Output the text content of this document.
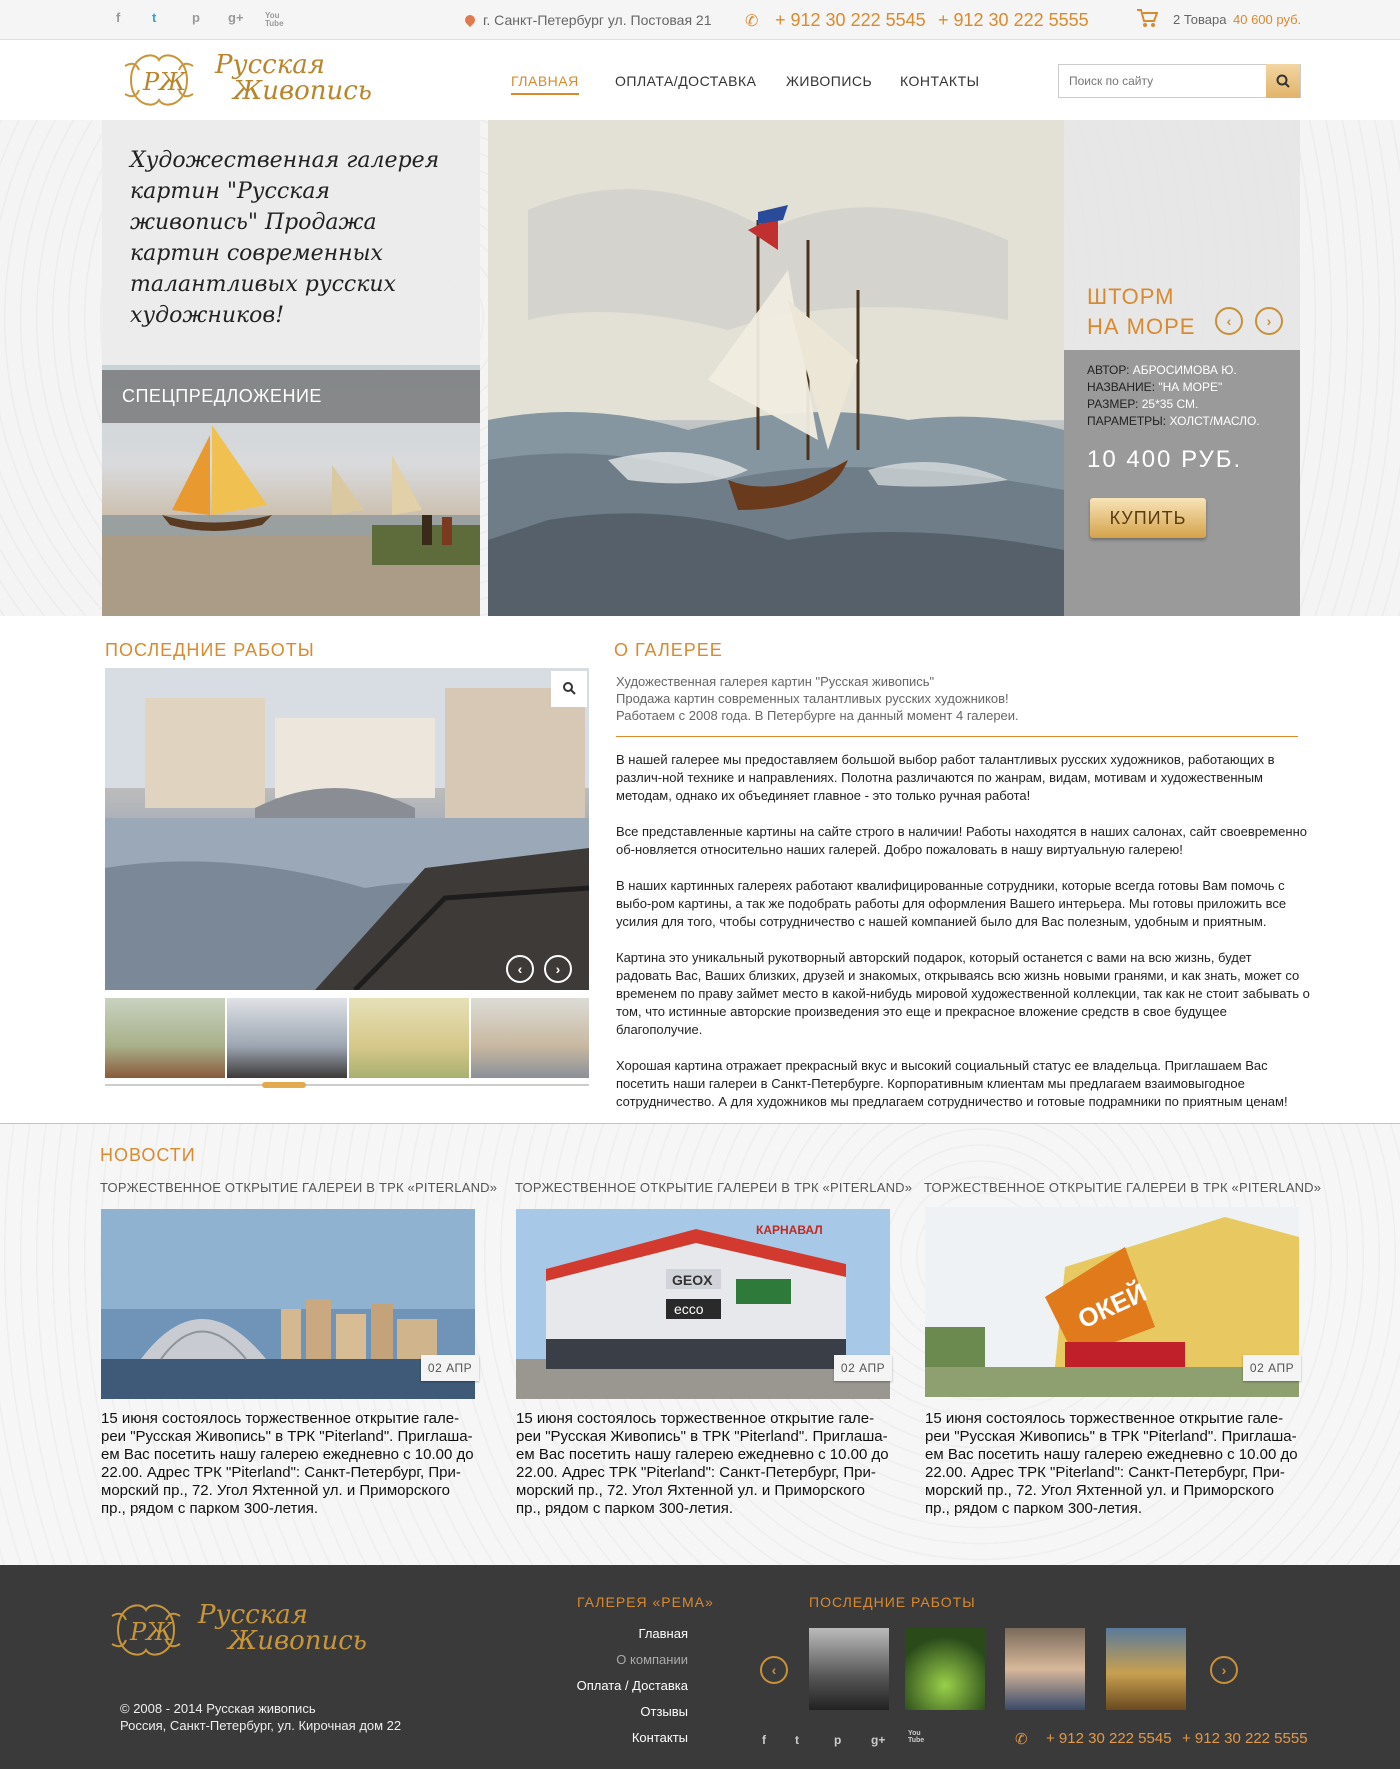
f t	p g+	You Tube	г. Санкт-Петербург ул. Постовая 21 ✆ + 912 30 222 5545 + 912 30 222 5555	2 Товара 40 600 руб.
PЖ
Русская
Живопись	ГЛАВНАЯ	ОПЛАТА/ДОСТАВКА ЖИВОПИСЬ КОНТАКТЫ
Поиск по сайту
Художественная галерея картин "Русская живопись" Продажа картин современных талантливых русских художников!
СПЕЦПРЕДЛОЖЕНИЕ
ШТОРМ
НА МОРЕ ‹	›
АВТОР: АБРОСИМОВА Ю.
НАЗВАНИЕ: "НА МОРЕ"
РАЗМЕР: 25*35 СМ.
ПАРАМЕТРЫ: ХОЛСТ/МАСЛО.
10 400 РУБ.
КУПИТЬ
ПОСЛЕДНИЕ РАБОТЫ
‹ ›
О ГАЛЕРЕЕ
Художественная галерея картин "Русская живопись"
Продажа картин современных талантливых русских художников!
Работаем с 2008 года. В Петербурге на данный момент 4 галереи.

В нашей галерее мы предоставляем большой выбор работ талантливых русских художников, работающих в различ-ной технике и направлениях. Полотна различаются по жанрам, видам, мотивам и художественным методам, однако их объединяет главное - это только ручная работа!

Все представленные картины на сайте строго в наличии! Работы находятся в наших салонах, сайт своевременно об-новляется относительно наших галерей. Добро пожаловать в нашу виртуальную галерею!

В наших картинных галереях работают квалифицированные сотрудники, которые всегда готовы Вам помочь с выбо-ром картины, а так же подобрать работы для оформления Вашего интерьера. Мы готовы приложить все усилия для того, чтобы сотрудничество с нашей компанией было для Вас полезным, удобным и приятным.

Картина это уникальный рукотворный авторский подарок, который останется с вами на всю жизнь, будет радовать Вас, Ваших близких, друзей и знакомых, открываясь всю жизнь новыми гранями, и как знать, может со временем по праву займет место в какой-нибудь мировой художественной коллекции, так как не стоит забывать о том, что истинные авторские произведения это еще и прекрасное вложение средств в свое будущее благополучие.

Хорошая картина отражает прекрасный вкус и высокий социальный статус ее владельца. Приглашаем Вас посетить наши галереи в Санкт-Петербурге. Корпоративным клиентам мы предлагаем взаимовыгодное сотрудничество. А для художников мы предлагаем сотрудничество и готовые подрамники по приятным ценам!

НОВОСТИ
ТОРЖЕСТВЕННОЕ ОТКРЫТИЕ ГАЛЕРЕИ В ТРК «PITERLAND»
02 АПР
15 июня состоялось торжественное открытие гале-реи "Русская Живопись" в ТРК "Piterland". Приглаша-ем Вас посетить нашу галерею ежедневно с 10.00 до 22.00. Адрес ТРК "Piterland": Санкт-Петербург, При-морский пр., 72. Угол Яхтенной ул. и Приморского пр., рядом с парком 300-летия.
ТОРЖЕСТВЕННОЕ ОТКРЫТИЕ ГАЛЕРЕИ В ТРК «PITERLAND»
GEOX
ecco
КАРНАВАЛ
02 АПР
15 июня состоялось торжественное открытие гале-реи "Русская Живопись" в ТРК "Piterland". Приглаша-ем Вас посетить нашу галерею ежедневно с 10.00 до 22.00. Адрес ТРК "Piterland": Санкт-Петербург, При-морский пр., 72. Угол Яхтенной ул. и Приморского пр., рядом с парком 300-летия.
ТОРЖЕСТВЕННОЕ ОТКРЫТИЕ ГАЛЕРЕИ В ТРК «PITERLAND»
ОКЕЙ
02 АПР
15 июня состоялось торжественное открытие гале-реи "Русская Живопись" в ТРК "Piterland". Приглаша-ем Вас посетить нашу галерею ежедневно с 10.00 до 22.00. Адрес ТРК "Piterland": Санкт-Петербург, При-морский пр., 72. Угол Яхтенной ул. и Приморского пр., рядом с парком 300-летия.
PЖ
Русская
Живопись
© 2008 - 2014 Русская живопись
Россия, Санкт-Петербург, ул. Кирочная дом 22
ГАЛЕРЕЯ «РЕМА»
Главная
О компании
Оплата / Доставка
Отзывы
Контакты
ПОСЛЕДНИЕ РАБОТЫ
‹	›
f t	p g+	You Tube	✆ + 912 30 222 5545 + 912 30 222 5555
